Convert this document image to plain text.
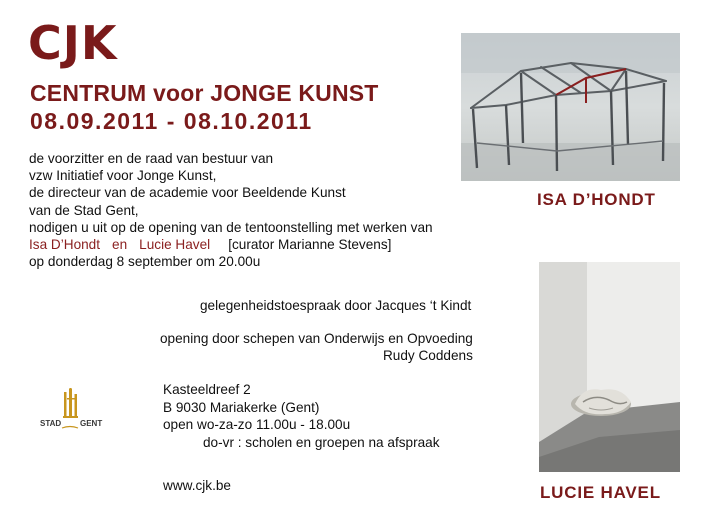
CJK
CENTRUM voor JONGE KUNST
08.09.2011 - 08.10.2011
de voorzitter en de raad van bestuur van
vzw Initiatief voor Jonge Kunst,
de directeur van de academie voor Beeldende Kunst
van de Stad Gent,
nodigen u uit op de opening van de tentoonstelling met werken van
Isa D’Hondt en Lucie Havel [curator Marianne Stevens]
op donderdag 8 september om 20.00u
gelegenheidstoespraak door Jacques ‘t Kindt
opening door schepen van Onderwijs en Opvoeding
Rudy Coddens
Kasteeldreef 2
B 9030 Mariakerke (Gent)
open wo-za-zo 11.00u - 18.00u
do-vr : scholen en groepen na afspraak
www.cjk.be
STAD GENT
ISA D’HONDT
LUCIE HAVEL
